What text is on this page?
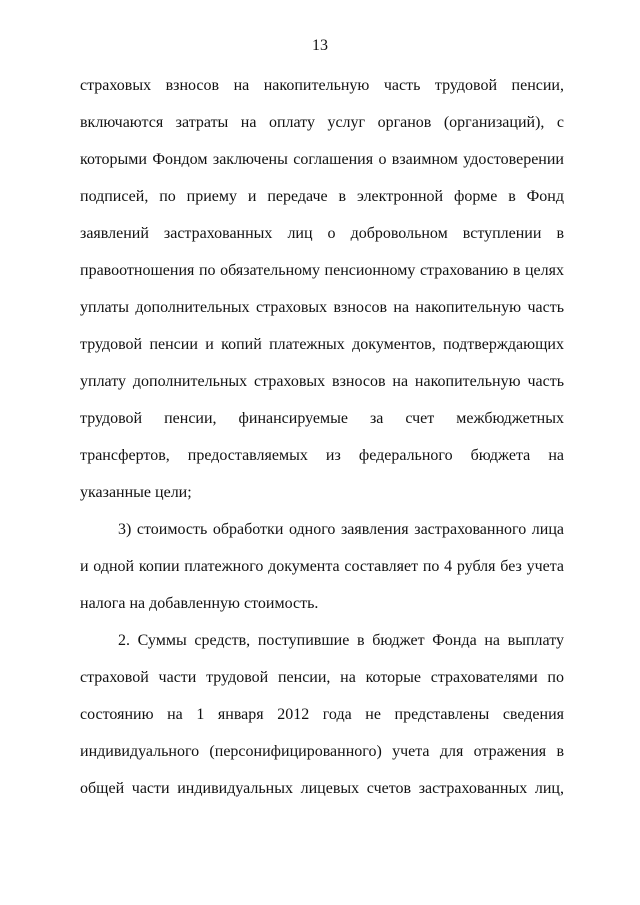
13
страховых взносов на накопительную часть трудовой пенсии,
включаются затраты на оплату услуг органов (организаций), с
которыми Фондом заключены соглашения о взаимном удостоверении
подписей, по приему и передаче в электронной форме в Фонд
заявлений застрахованных лиц о добровольном вступлении в
правоотношения по обязательному пенсионному страхованию в целях
уплаты дополнительных страховых взносов на накопительную часть
трудовой пенсии и копий платежных документов, подтверждающих
уплату дополнительных страховых взносов на накопительную часть
трудовой пенсии, финансируемые за счет межбюджетных
трансфертов, предоставляемых из федерального бюджета на
указанные цели;
3) стоимость обработки одного заявления застрахованного лица
и одной копии платежного документа составляет по 4 рубля без учета
налога на добавленную стоимость.
2. Суммы средств, поступившие в бюджет Фонда на выплату
страховой части трудовой пенсии, на которые страхователями по
состоянию на 1 января 2012 года не представлены сведения
индивидуального (персонифицированного) учета для отражения в
общей части индивидуальных лицевых счетов застрахованных лиц,
